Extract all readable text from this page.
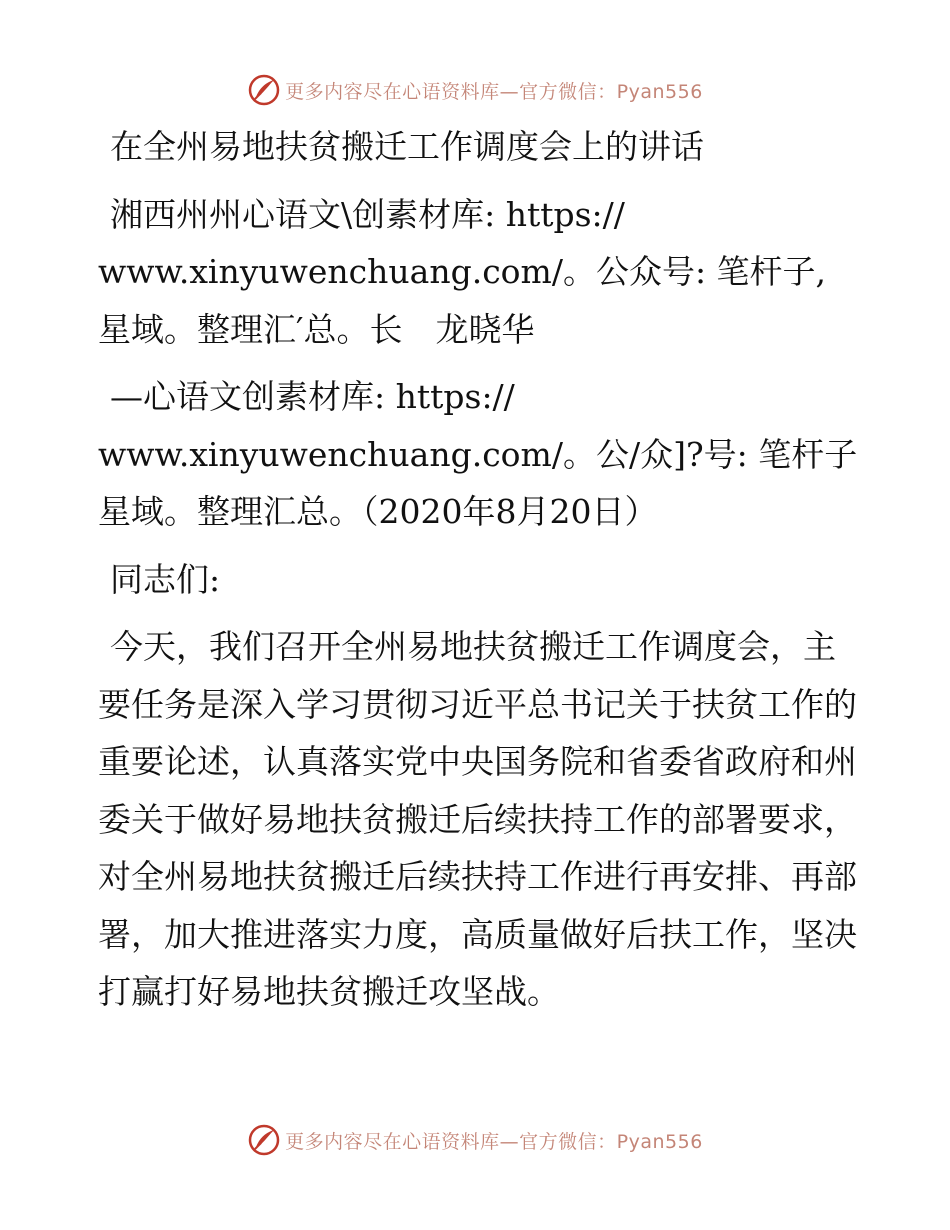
更多内容尽在心语资料库—官方微信：Pyan556

在全州易地扶贫搬迁工作调度会上的讲话

湘西州州心语文\创素材库: https:// www.xinyuwenchuang.com/。公众号: 笔杆子,星域。整理汇′总。长　龙晓华

—心语文创素材库: https:// www.xinyuwenchuang.com/。公/众]?号: 笔杆子星域。整理汇总。（2020年8月20日）

同志们:

今天，我们召开全州易地扶贫搬迁工作调度会，主要任务是深入学习贯彻习近平总书记关于扶贫工作的重要论述，认真落实党中央国务院和省委省政府和州委关于做好易地扶贫搬迁后续扶持工作的部署要求，对全州易地扶贫搬迁后续扶持工作进行再安排、再部署，加大推进落实力度，高质量做好后扶工作，坚决打赢打好易地扶贫搬迁攻坚战。

更多内容尽在心语资料库—官方微信：Pyan556
